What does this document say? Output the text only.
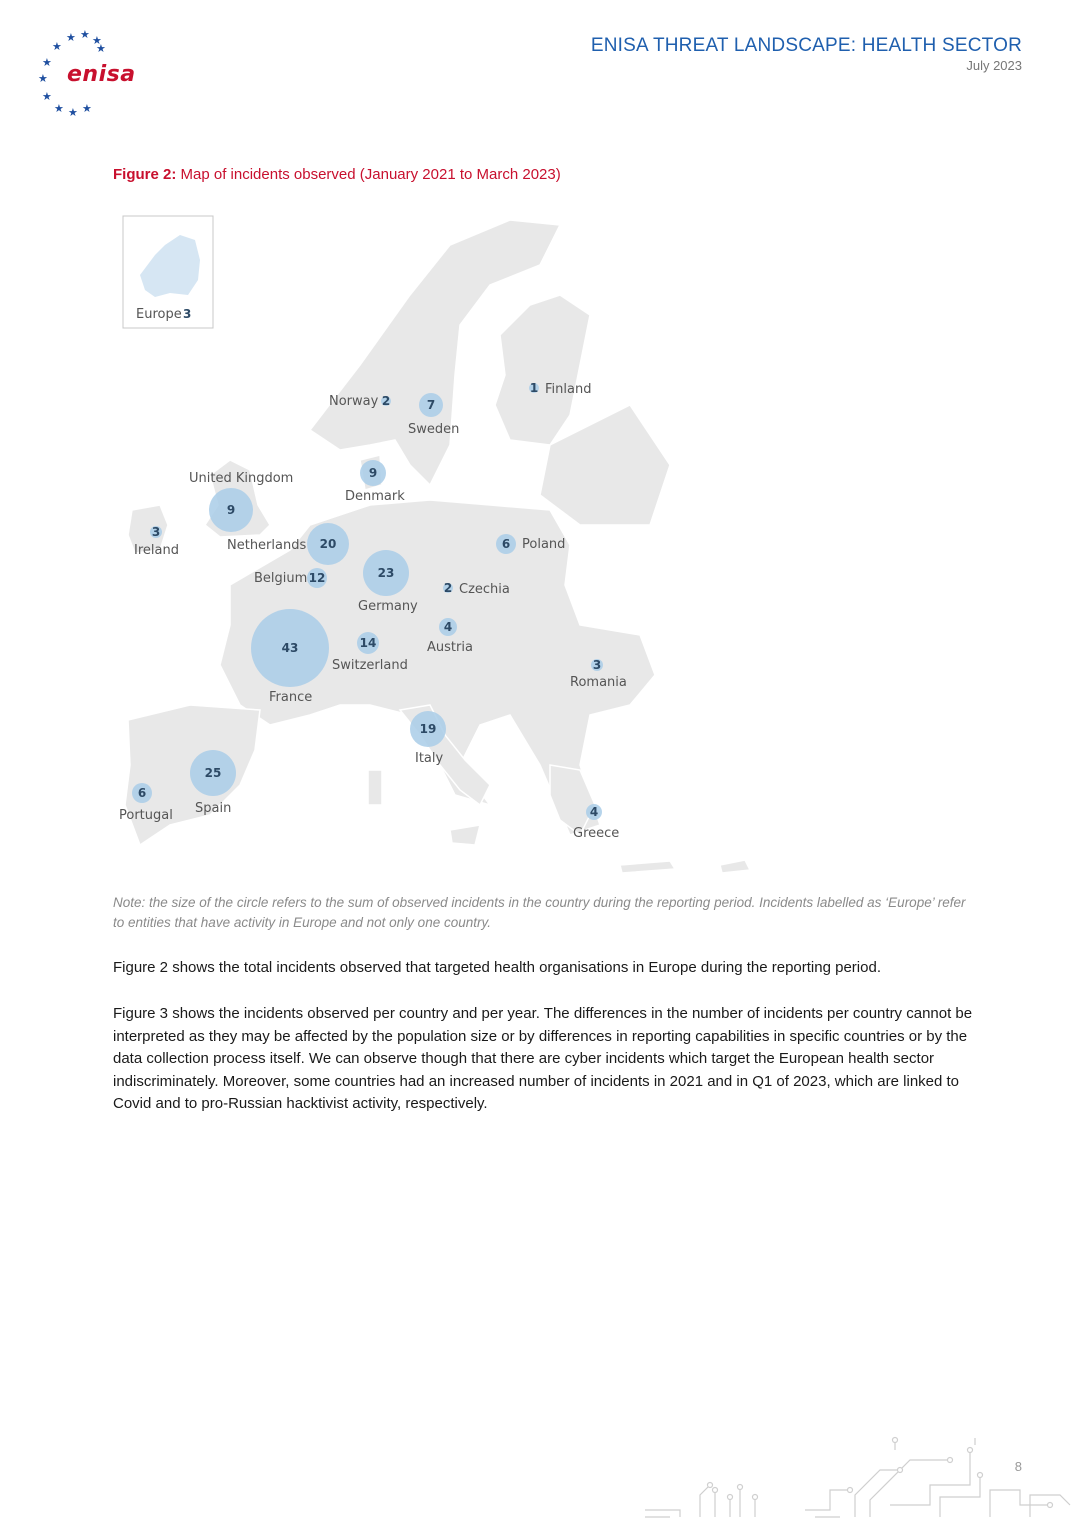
★ ★ ★
★
★
★
★
★ ★ ★
★
enisa
ENISA THREAT LANDSCAPE: HEALTH SECTOR
July 2023
Figure 2: Map of incidents observed (January 2021 to March 2023)
Europe 3
1
2	7
9
9
3
20	6
12	23
2
4
14
43
3
19
25
6
4
Finland
Norway
Sweden
Denmark
United Kingdom
Ireland	Netherlands	Poland
Belgium
Germany
Czechia
Austria
Switzerland
France
Romania
Italy
Spain
Portugal
Greece
Note: the size of the circle refers to the sum of observed incidents in the country during the reporting period. Incidents labelled as ‘Europe’ refer to entities that have activity in Europe and not only one country.
Figure 2 shows the total incidents observed that targeted health organisations in Europe during the reporting period.
Figure 3 shows the incidents observed per country and per year. The differences in the number of incidents per country cannot be interpreted as they may be affected by the population size or by differences in reporting capabilities in specific countries or by the data collection process itself. We can observe though that there are cyber incidents which target the European health sector indiscriminately. Moreover, some countries had an increased number of incidents in 2021 and in Q1 of 2023, which are linked to Covid and to pro-Russian hacktivist activity, respectively.
8
